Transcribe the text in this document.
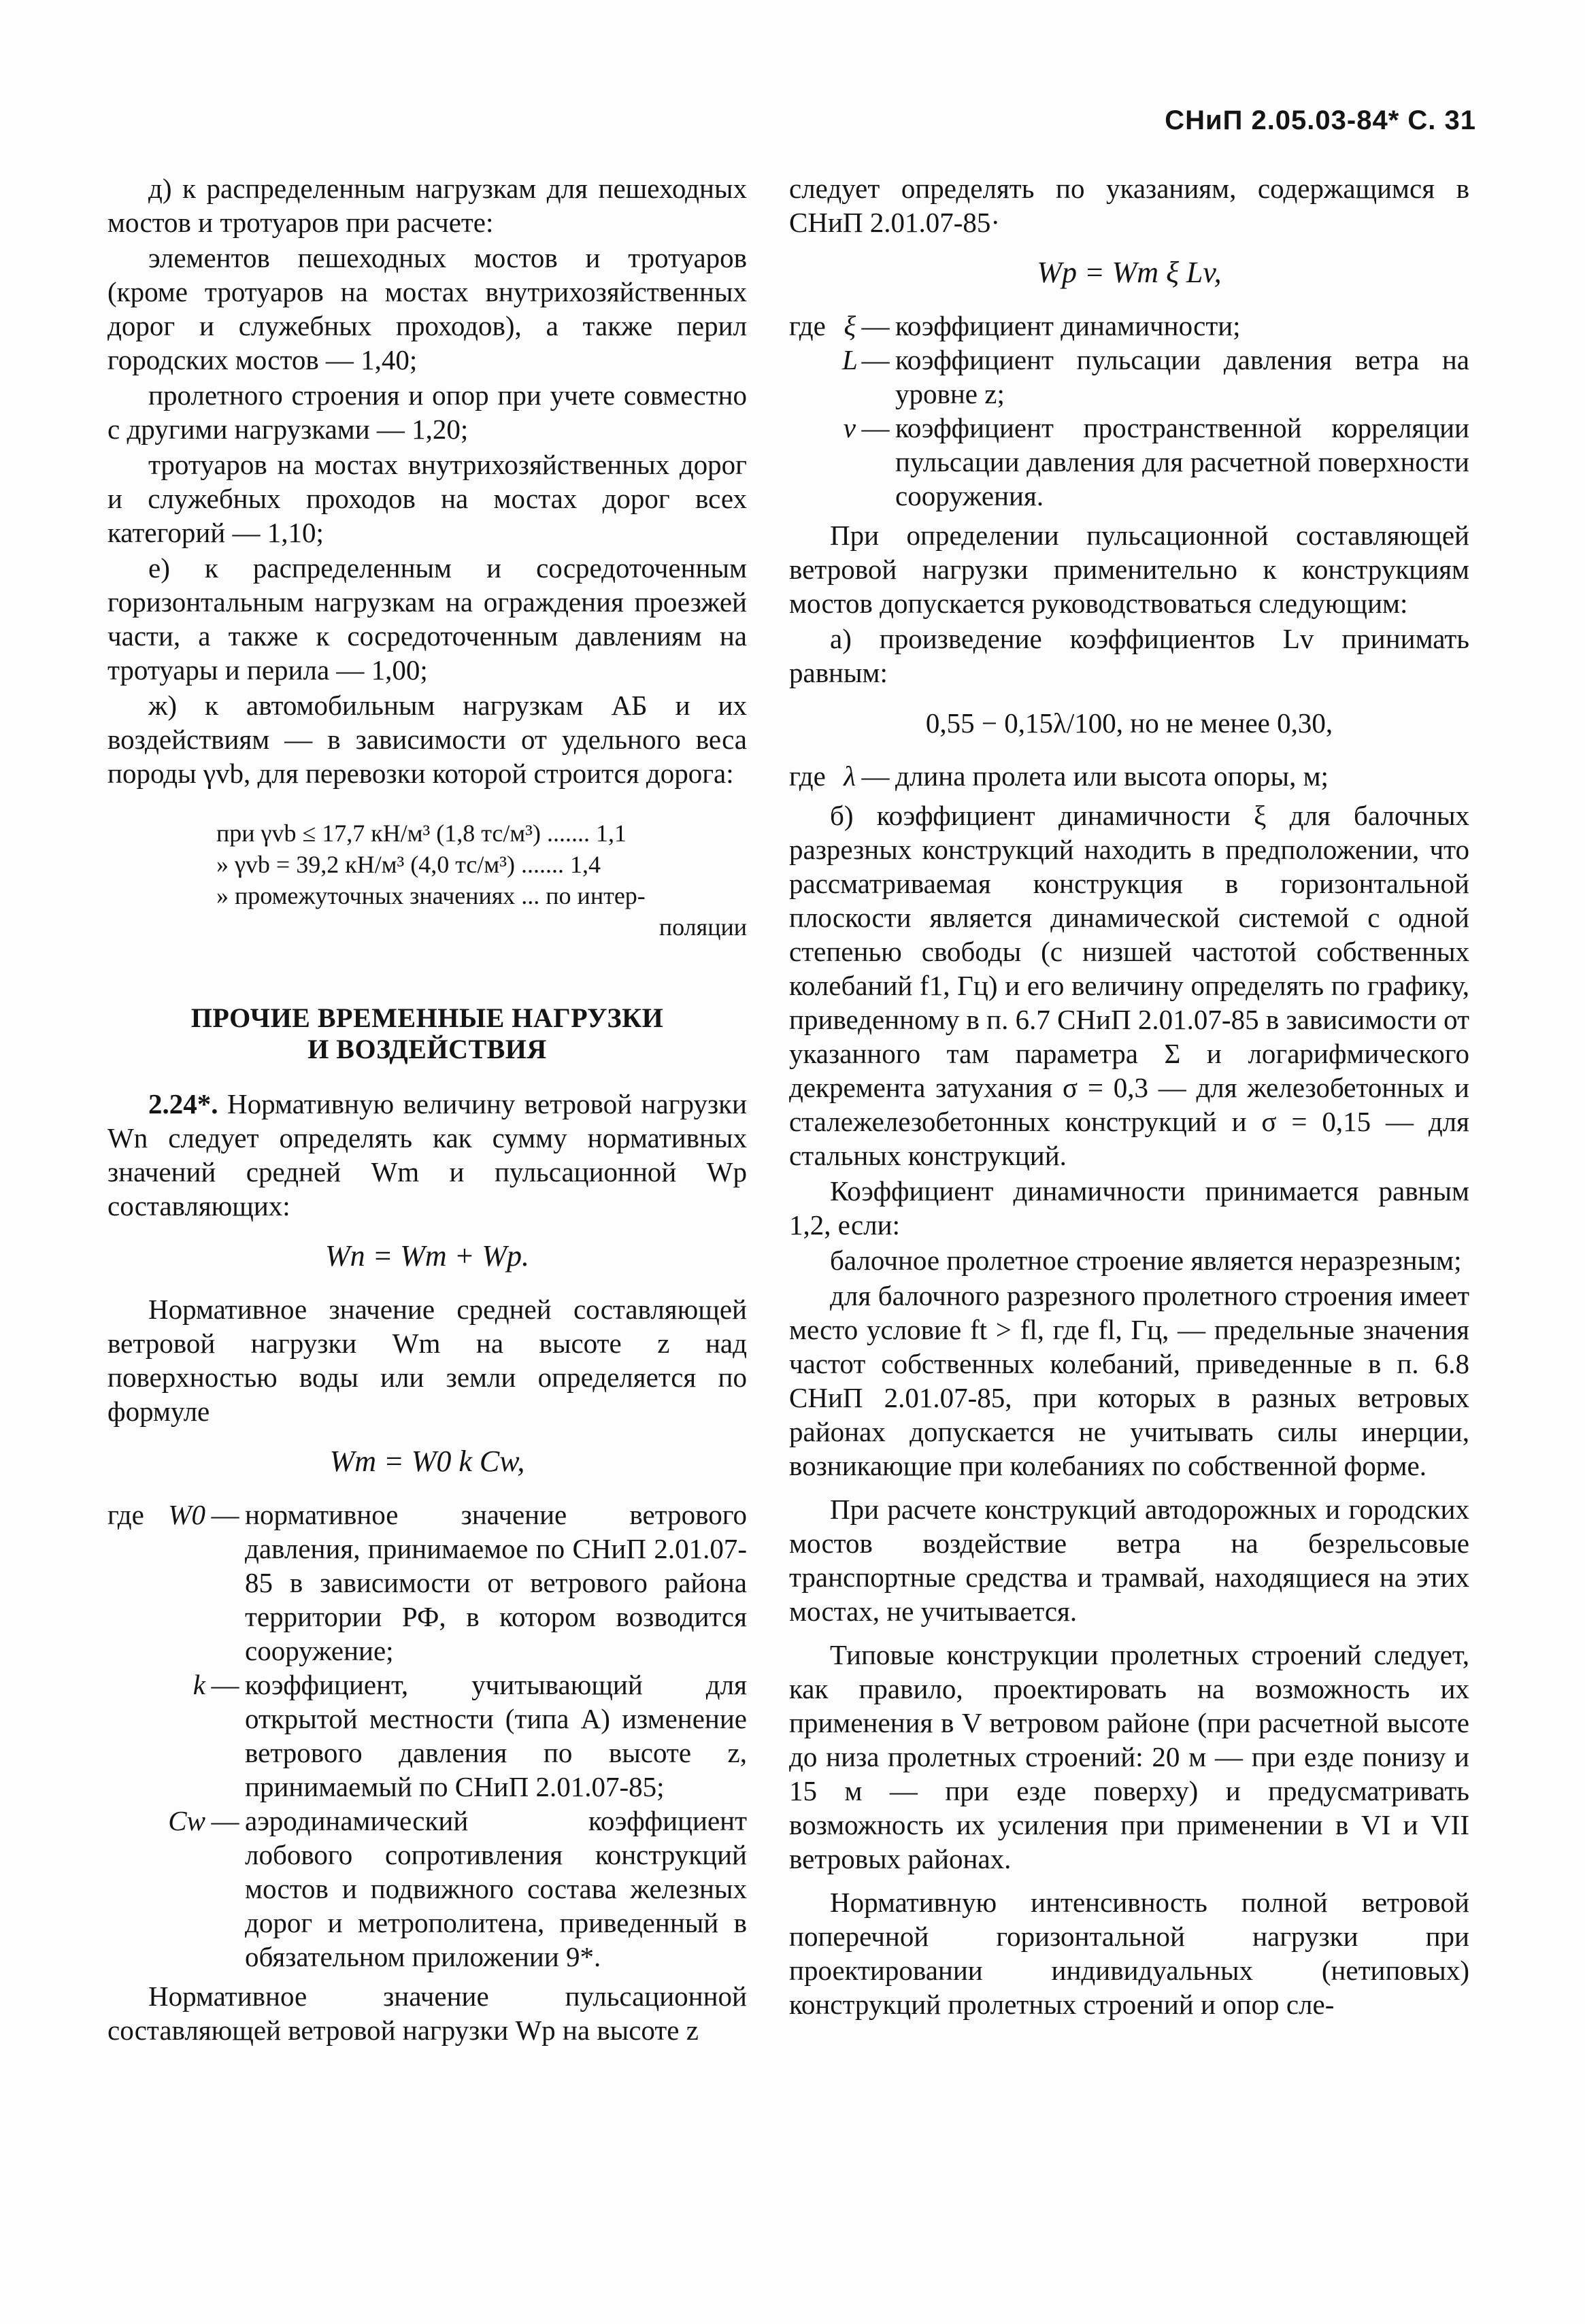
СНиП 2.05.03-84* С. 31

д) к распределенным нагрузкам для пешеходных мостов и тротуаров при расчете:

элементов пешеходных мостов и тротуаров (кроме тротуаров на мостах внутрихозяйственных дорог и служебных проходов), а также перил городских мостов — 1,40;

пролетного строения и опор при учете совместно с другими нагрузками — 1,20;

тротуаров на мостах внутрихозяйственных дорог и служебных проходов на мостах дорог всех категорий — 1,10;

е) к распределенным и сосредоточенным горизонтальным нагрузкам на ограждения проезжей части, а также к сосредоточенным давлениям на тротуары и перила — 1,00;

ж) к автомобильным нагрузкам АБ и их воздействиям — в зависимости от удельного веса породы γvb, для перевозки которой строится дорога:

при γvb ≤ 17,7 кН/м³ (1,8 тс/м³) ....... 1,1
» γvb = 39,2 кН/м³ (4,0 тс/м³) ....... 1,4
» промежуточных значениях ... по интер-
поляции
ПРОЧИЕ ВРЕМЕННЫЕ НАГРУЗКИ
И ВОЗДЕЙСТВИЯ

2.24*. Нормативную величину ветровой нагрузки Wn следует определять как сумму нормативных значений средней Wm и пульсационной Wp составляющих:

Wn = Wm + Wp.

Нормативное значение средней составляющей ветровой нагрузки Wm на высоте z над поверхностью воды или земли определяется по формуле

Wm = W0 k Cw,
где W0 — нормативное значение ветрового давления, принимаемое по СНиП 2.01.07-85 в зависимости от ветрового района территории РФ, в котором возводится сооружение;
k — коэффициент, учитывающий для открытой местности (типа А) изменение ветрового давления по высоте z, принимаемый по СНиП 2.01.07-85;
Cw — аэродинамический коэффициент лобового сопротивления конструкций мостов и подвижного состава железных дорог и метрополитена, приведенный в обязательном приложении 9*.

Нормативное значение пульсационной составляющей ветровой нагрузки Wp на высоте z

следует определять по указаниям, содержащимся в СНиП 2.01.07-85·

Wp = Wm ξ Lv,
где ξ — коэффициент динамичности;
L — коэффициент пульсации давления ветра на уровне z;
v — коэффициент пространственной корреляции пульсации давления для расчетной поверхности сооружения.

При определении пульсационной составляющей ветровой нагрузки применительно к конструкциям мостов допускается руководствоваться следующим:

а) произведение коэффициентов Lv принимать равным:

0,55 − 0,15λ/100, но не менее 0,30,
где λ — длина пролета или высота опоры, м;

б) коэффициент динамичности ξ для балочных разрезных конструкций находить в предположении, что рассматриваемая конструкция в горизонтальной плоскости является динамической системой с одной степенью свободы (с низшей частотой собственных колебаний f1, Гц) и его величину определять по графику, приведенному в п. 6.7 СНиП 2.01.07-85 в зависимости от указанного там параметра Σ и логарифмического декремента затухания σ = 0,3 — для железобетонных и сталежелезобетонных конструкций и σ = 0,15 — для стальных конструкций.

Коэффициент динамичности принимается равным 1,2, если:

балочное пролетное строение является неразрезным;

для балочного разрезного пролетного строения имеет место условие ft > fl, где fl, Гц, — предельные значения частот собственных колебаний, приведенные в п. 6.8 СНиП 2.01.07-85, при которых в разных ветровых районах допускается не учитывать силы инерции, возникающие при колебаниях по собственной форме.

При расчете конструкций автодорожных и городских мостов воздействие ветра на безрельсовые транспортные средства и трамвай, находящиеся на этих мостах, не учитывается.

Типовые конструкции пролетных строений следует, как правило, проектировать на возможность их применения в V ветровом районе (при расчетной высоте до низа пролетных строений: 20 м — при езде понизу и 15 м — при езде поверху) и предусматривать возможность их усиления при применении в VI и VII ветровых районах.

Нормативную интенсивность полной ветровой поперечной горизонтальной нагрузки при проектировании индивидуальных (нетиповых) конструкций пролетных строений и опор сле-
